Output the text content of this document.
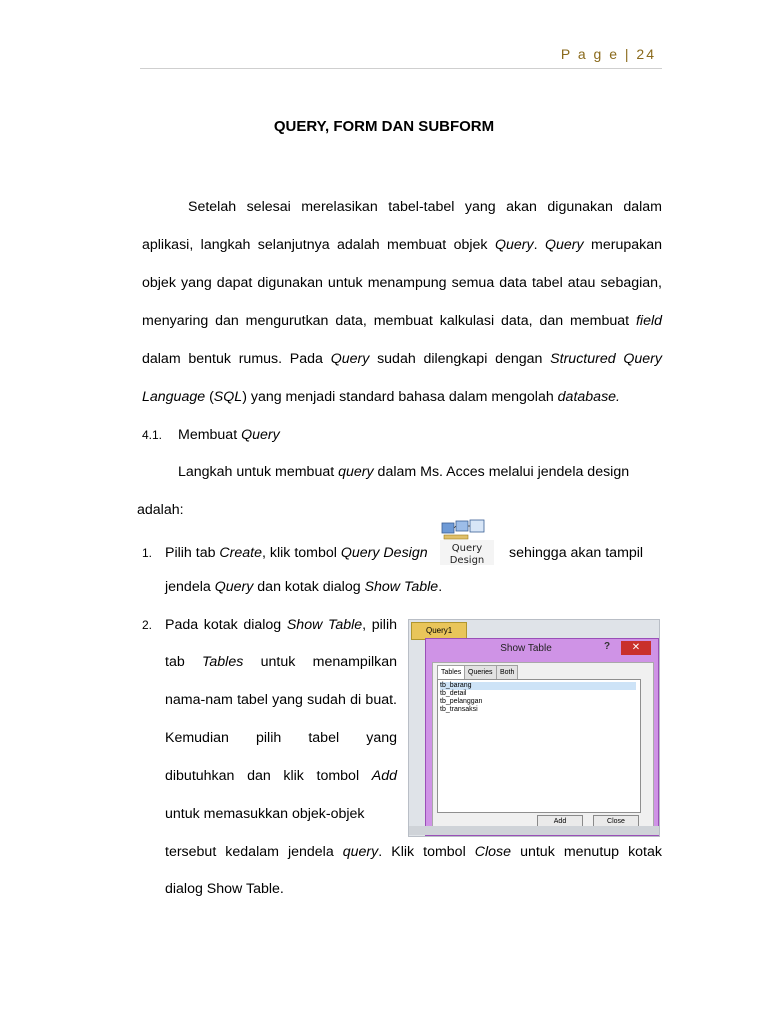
P a g e | 24
QUERY, FORM DAN SUBFORM
Setelah selesai merelasikan tabel-tabel yang akan digunakan dalam
aplikasi, langkah selanjutnya adalah membuat objek Query. Query merupakan
objek yang dapat digunakan untuk menampung semua data tabel atau sebagian,
menyaring dan mengurutkan data, membuat kalkulasi data, dan membuat field
dalam bentuk rumus. Pada Query sudah dilengkapi dengan Structured Query
Language (SQL) yang menjadi standard bahasa dalam mengolah database.
4.1. Membuat Query
Langkah untuk membuat query dalam Ms. Acces melalui jendela design
adalah:
1. Pilih tab Create, klik tombol Query Design Query
Design sehingga akan tampil
jendela Query dan kotak dialog Show Table.
2. Pada kotak dialog Show Table, pilih
tab Tables untuk menampilkan
nama-nam tabel yang sudah di buat.
Kemudian pilih tabel yang
dibutuhkan dan klik tombol Add
untuk memasukkan objek-objek
tersebut kedalam jendela query. Klik tombol Close untuk menutup kotak
dialog Show Table.
Query1
Show Table	?	✕
Tables Queries	Both
tb_barang
tb_detail
tb_pelanggan
tb_transaksi
Add	Close
